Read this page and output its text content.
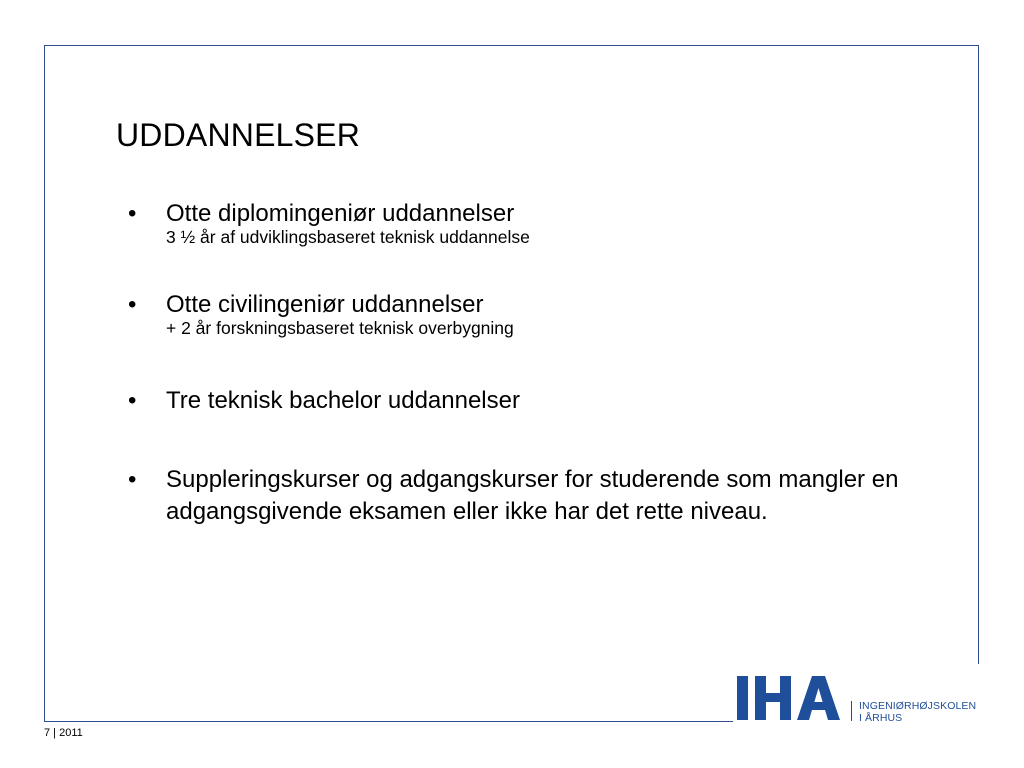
UDDANNELSER
• Otte diplomingeniør uddannelser
3 ½ år af udviklingsbaseret teknisk uddannelse
• Otte civilingeniør uddannelser
+ 2 år forskningsbaseret teknisk overbygning
• Tre teknisk bachelor uddannelser
• Suppleringskurser og adgangskurser for studerende som mangler en adgangsgivende eksamen eller ikke har det rette niveau.
INGENIØRHØJSKOLEN
I ÅRHUS
7 | 2011
